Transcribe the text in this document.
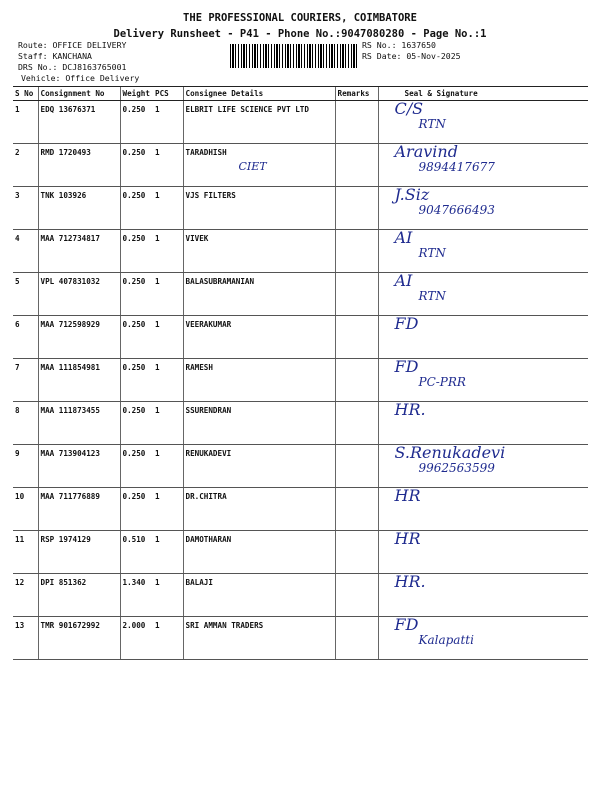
THE PROFESSIONAL COURIERS, COIMBATORE
Delivery Runsheet - P41 - Phone No.:9047080280 - Page No.:1
Route: OFFICE DELIVERY
Staff: KANCHANA
DRS No.: DCJ8163765001
Vehicle: Office Delivery
RS No.: 1637650
RS Date: 05-Nov-2025
S No	Consignment No	Weight	PCS	Consignee Details	Remarks	Seal & Signature
1	EDQ 13676371	0.250	1	ELBRIT LIFE SCIENCE PVT LTD		C/S
RTN

2	RMD 1720493	0.250	1	TARADHISH
CIET		Aravind
9894417677

3	TNK 103926	0.250	1	VJS FILTERS		J.Siz
9047666493

4	MAA 712734817	0.250	1	VIVEK		AI
RTN

5	VPL 407831032	0.250	1	BALASUBRAMANIAN		AI
RTN

6	MAA 712598929	0.250	1	VEERAKUMAR		FD

7	MAA 111854981	0.250	1	RAMESH		FD
PC-PRR

8	MAA 111873455	0.250	1	SSURENDRAN		HR.

9	MAA 713904123	0.250	1	RENUKADEVI		S.Renukadevi
9962563599

10	MAA 711776889	0.250	1	DR.CHITRA		HR

11	RSP 1974129	0.510	1	DAMOTHARAN		HR

12	DPI 851362	1.340	1	BALAJI		HR.

13	TMR 901672992	2.000	1	SRI AMMAN TRADERS		FD
Kalapatti
